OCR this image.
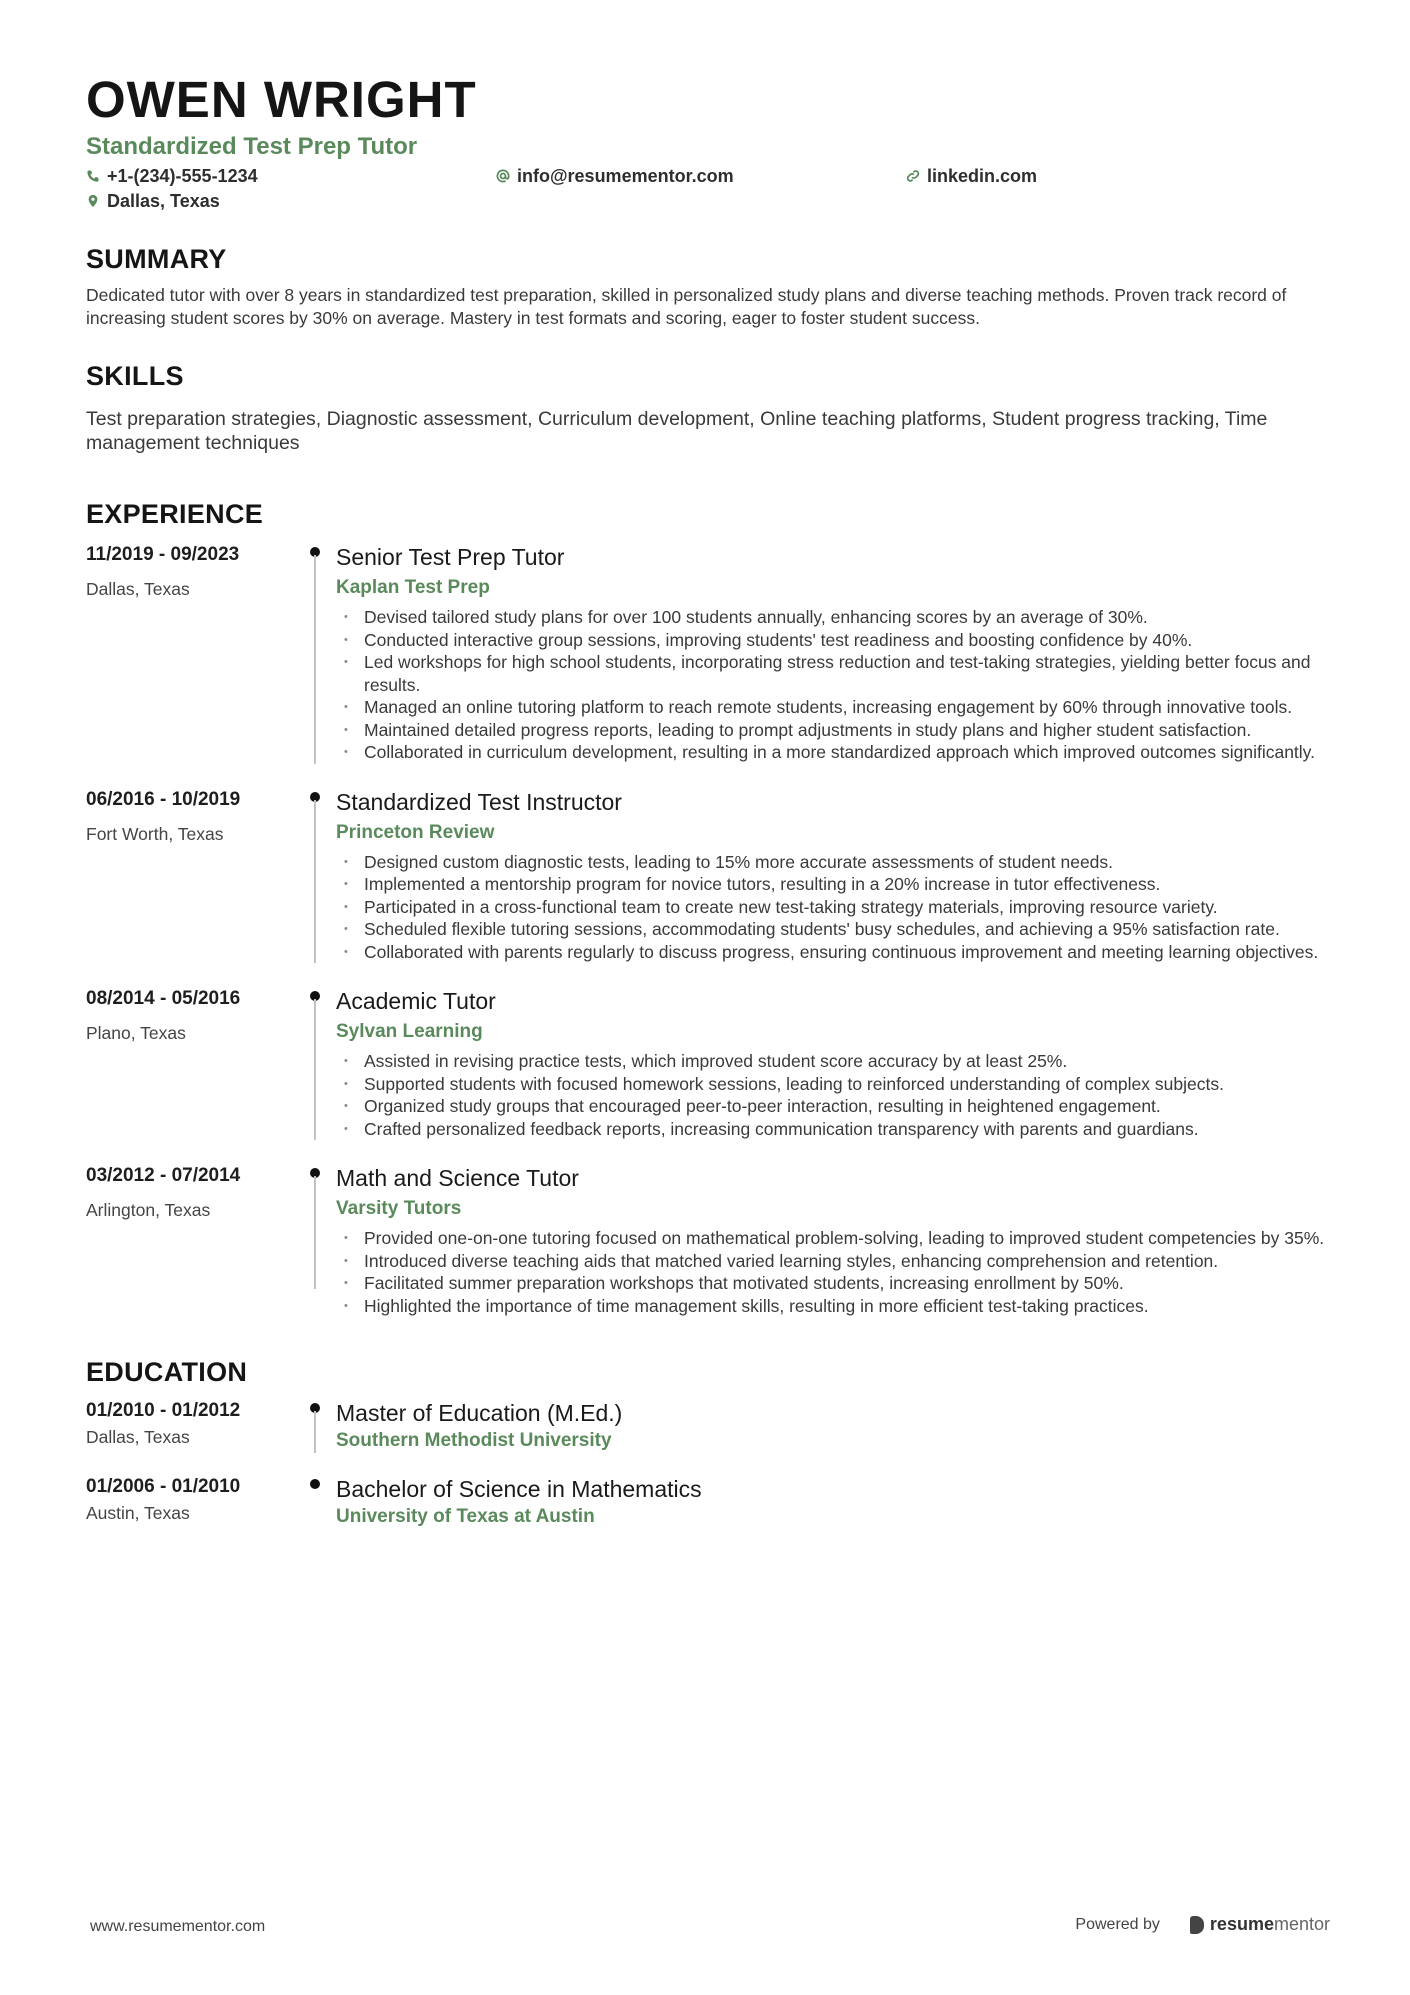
OWEN WRIGHT
Standardized Test Prep Tutor
+1-(234)-555-1234	info@resumementor.com	linkedin.com
Dallas, Texas
SUMMARY

Dedicated tutor with over 8 years in standardized test preparation, skilled in personalized study plans and diverse teaching methods. Proven track record of increasing student scores by 30% on average. Mastery in test formats and scoring, eager to foster student success.

SKILLS

Test preparation strategies, Diagnostic assessment, Curriculum development, Online teaching platforms, Student progress tracking, Time management techniques

EXPERIENCE
11/2019 - 09/2023
Dallas, Texas
Senior Test Prep Tutor
Kaplan Test Prep
• Devised tailored study plans for over 100 students annually, enhancing scores by an average of 30%.
• Conducted interactive group sessions, improving students' test readiness and boosting confidence by 40%.
• Led workshops for high school students, incorporating stress reduction and test-taking strategies, yielding better focus and results.
• Managed an online tutoring platform to reach remote students, increasing engagement by 60% through innovative tools.
• Maintained detailed progress reports, leading to prompt adjustments in study plans and higher student satisfaction.
• Collaborated in curriculum development, resulting in a more standardized approach which improved outcomes significantly.
06/2016 - 10/2019
Fort Worth, Texas
Standardized Test Instructor
Princeton Review
• Designed custom diagnostic tests, leading to 15% more accurate assessments of student needs.
• Implemented a mentorship program for novice tutors, resulting in a 20% increase in tutor effectiveness.
• Participated in a cross-functional team to create new test-taking strategy materials, improving resource variety.
• Scheduled flexible tutoring sessions, accommodating students' busy schedules, and achieving a 95% satisfaction rate.
• Collaborated with parents regularly to discuss progress, ensuring continuous improvement and meeting learning objectives.
08/2014 - 05/2016
Plano, Texas
Academic Tutor
Sylvan Learning
• Assisted in revising practice tests, which improved student score accuracy by at least 25%.
• Supported students with focused homework sessions, leading to reinforced understanding of complex subjects.
• Organized study groups that encouraged peer-to-peer interaction, resulting in heightened engagement.
• Crafted personalized feedback reports, increasing communication transparency with parents and guardians.
03/2012 - 07/2014
Arlington, Texas
Math and Science Tutor
Varsity Tutors
• Provided one-on-one tutoring focused on mathematical problem-solving, leading to improved student competencies by 35%.
• Introduced diverse teaching aids that matched varied learning styles, enhancing comprehension and retention.
• Facilitated summer preparation workshops that motivated students, increasing enrollment by 50%.
• Highlighted the importance of time management skills, resulting in more efficient test-taking practices.
EDUCATION
01/2010 - 01/2012
Dallas, Texas
Master of Education (M.Ed.)
Southern Methodist University
01/2006 - 01/2010
Austin, Texas
Bachelor of Science in Mathematics
University of Texas at Austin
www.resumementor.com	Powered by	resumementor
